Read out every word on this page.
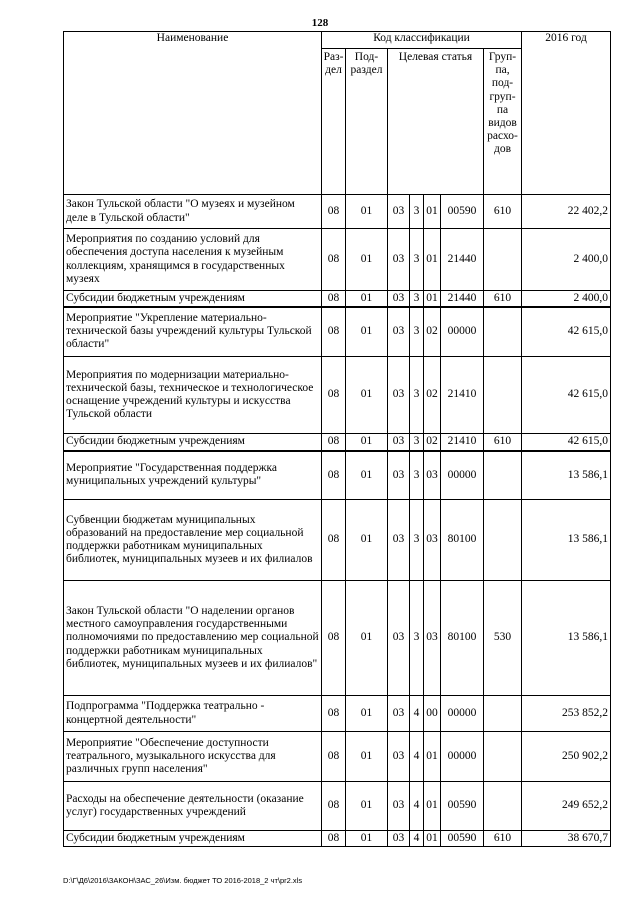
128
Наименование	Код классификации							2016 год
	Раз- дел	Под- раздел	Целевая статья				Груп- па, под- груп- па видов расхо- дов	
Закон Тульской области "О музеях и музейном деле в Тульской области"	08	01	03	3	01	00590	610	22 402,2
Мероприятия по созданию условий для обеспечения доступа населения к музейным коллекциям, хранящимся в государственных музеях	08	01	03	3	01	21440		2 400,0
Субсидии бюджетным учреждениям	08	01	03	3	01	21440	610	2 400,0
Мероприятие "Укрепление материально-технической базы учреждений культуры Тульской области"	08	01	03	3	02	00000		42 615,0
Мероприятия по модернизации материально-технической базы, техническое и технологическое оснащение учреждений культуры и искусства Тульской области	08	01	03	3	02	21410		42 615,0
Субсидии бюджетным учреждениям	08	01	03	3	02	21410	610	42 615,0
Мероприятие "Государственная поддержка муниципальных учреждений культуры"	08	01	03	3	03	00000		13 586,1
Субвенции бюджетам муниципальных образований на предоставление мер социальной поддержки работникам муниципальных библиотек, муниципальных музеев и их филиалов	08	01	03	3	03	80100		13 586,1
Закон Тульской области "О наделении органов местного самоуправления государственными полномочиями по предоставлению мер социальной поддержки работникам муниципальных библиотек, муниципальных музеев и их филиалов"	08	01	03	3	03	80100	530	13 586,1
Подпрограмма "Поддержка театрально - концертной деятельности"	08	01	03	4	00	00000		253 852,2
Мероприятие "Обеспечение доступности театрального, музыкального искусства для различных групп населения"	08	01	03	4	01	00000		250 902,2
Расходы на обеспечение деятельности (оказание услуг) государственных учреждений	08	01	03	4	01	00590		249 652,2
Субсидии бюджетным учреждениям	08	01	03	4	01	00590	610	38 670,7
D:\Г\Д6\2016\ЗАКОН\ЗАС_26\Изм. бюджет ТО 2016-2018_2 чт\pr2.xls
